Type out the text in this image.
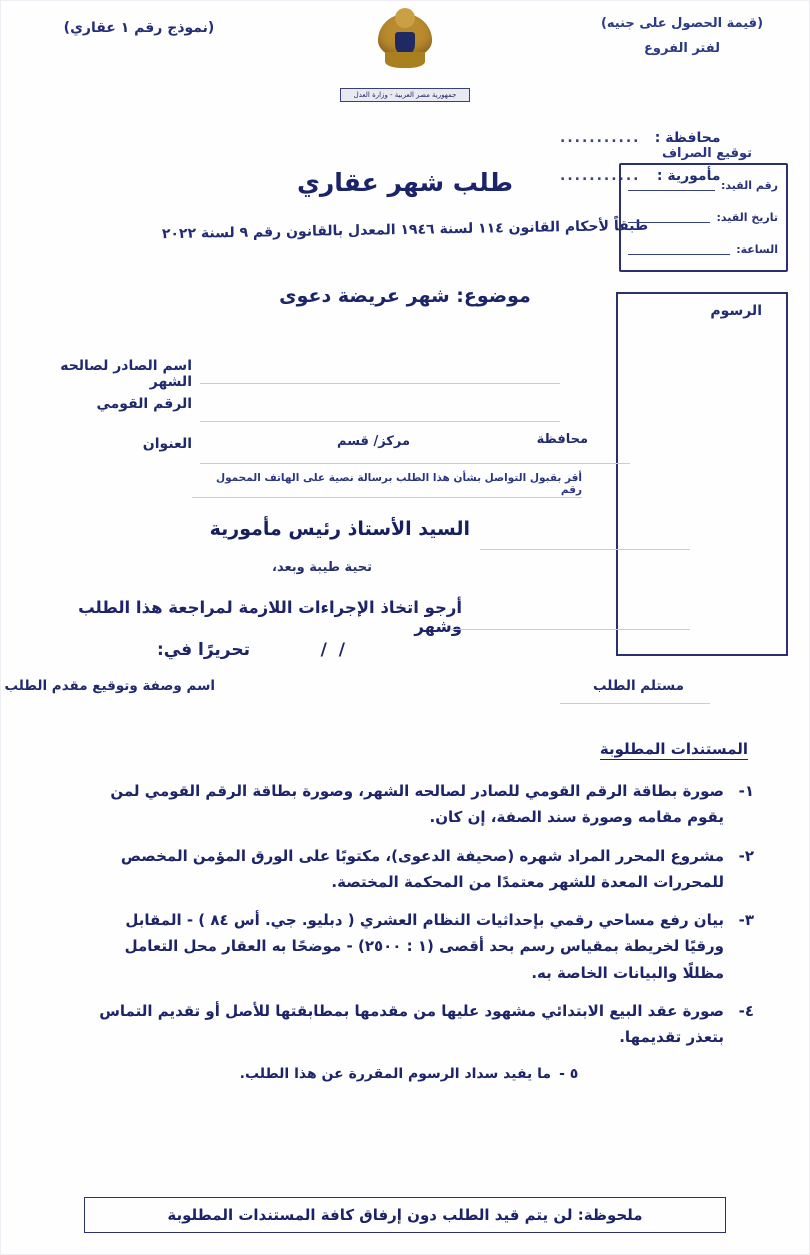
(قيمة الحصول على جنيه)
لفتر الفروع
(نموذج رقم ١ عقاري)
جمهورية مصر العربية - وزارة العدل
محافظة :
...........
مأمورية :
...........
طلب شهر عقاري
طبقاً لأحكام القانون ١١٤ لسنة ١٩٤٦ المعدل بالقانون رقم ٩ لسنة ٢٠٢٢
موضوع: شهر عريضة دعوى
توقيع الصراف
رقم القيد:
تاريخ القيد:
الساعة:
الرسوم
اسم الصادر لصالحه الشهر
الرقم القومي
العنوان	مركز/ قسم	محافظة
أقر بقبول التواصل بشأن هذا الطلب برسالة نصية على الهاتف المحمول رقم
السيد الأستاذ رئيس مأمورية
تحية طيبة وبعد،
أرجو اتخاذ الإجراءات اللازمة لمراجعة هذا الطلب وشهر
تحريرًا في:	/ /
اسم وصفة وتوقيع مقدم الطلب	مستلم الطلب
المستندات المطلوبة
١-
صورة بطاقة الرقم القومي للصادر لصالحه الشهر، وصورة بطاقة الرقم القومي لمن يقوم مقامه وصورة سند الصفة، إن كان.
٢-
مشروع المحرر المراد شهره (صحيفة الدعوى)، مكتوبًا على الورق المؤمن المخصص للمحررات المعدة للشهر معتمدًا من المحكمة المختصة.
٣-
بيان رفع مساحي رقمي بإحداثيات النظام العشري ( دبليو. جي. أس ٨٤ ) - المقابل ورقيًا لخريطة بمقياس رسم بحد أقصى (١ : ٢٥٠٠) - موضحًا به العقار محل التعامل مظللًا والبيانات الخاصة به.
٤-
صورة عقد البيع الابتدائي مشهود عليها من مقدمها بمطابقتها للأصل أو تقديم التماس بتعذر تقديمها.
٥ -
ما يفيد سداد الرسوم المقررة عن هذا الطلب.
ملحوظة: لن يتم قيد الطلب دون إرفاق كافة المستندات المطلوبة
